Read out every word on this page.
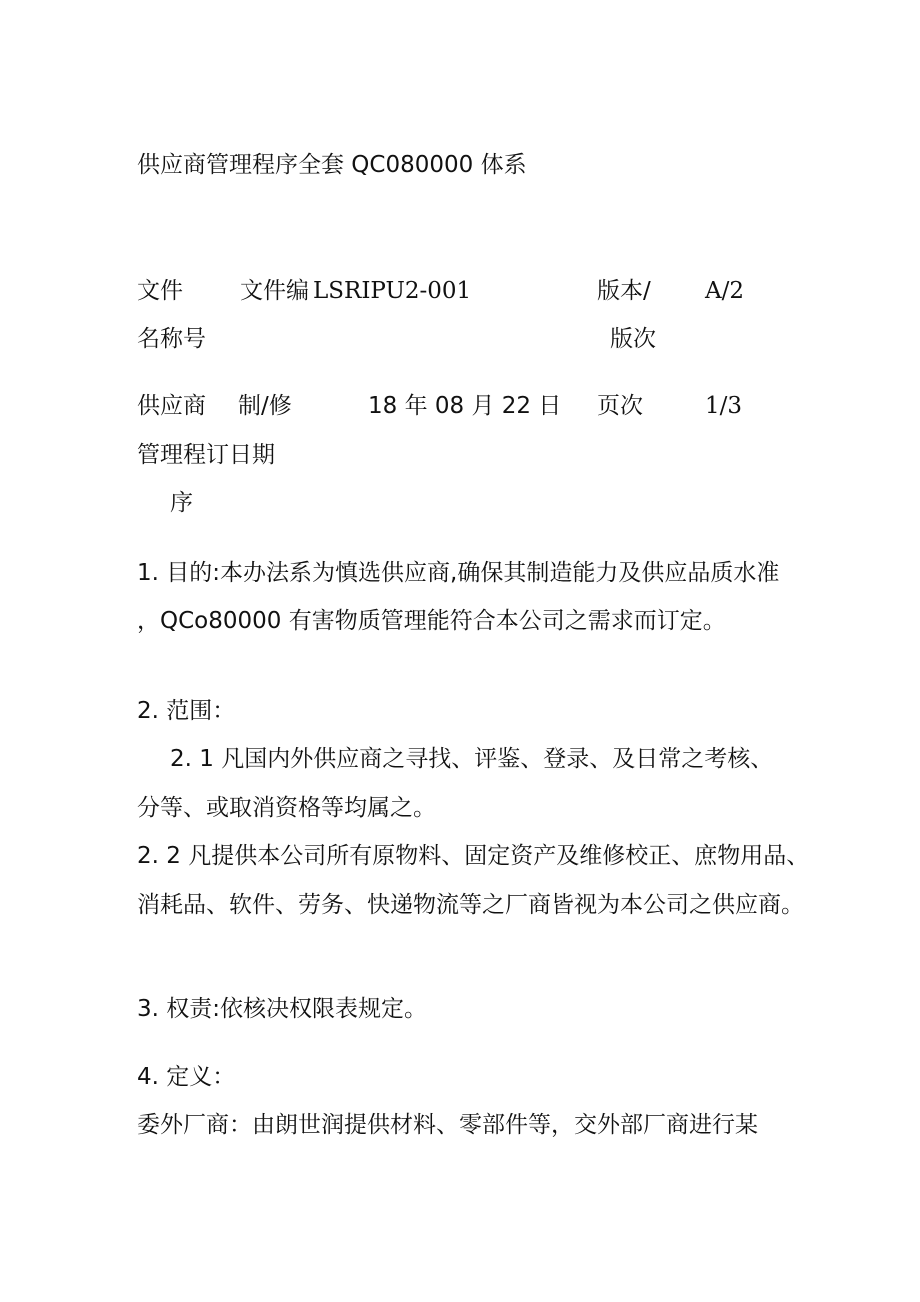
供应商管理程序全套 QC080000 体系
文件
名称号
文件编 LSRIPU2-001	版本/
版次
A/2
供应商
管理程
序
制/修
订日期
18 年 08 月 22 日 页次	1/3
1. 目的:本办法系为慎选供应商,确保其制造能力及供应品质水准
，QCo80000 有害物质管理能符合本公司之需求而订定。
2. 范围：
2. 1 凡国内外供应商之寻找、评鉴、登录、及日常之考核、
分等、或取消资格等均属之。
2. 2 凡提供本公司所有原物料、固定资产及维修校正、庶物用品、
消耗品、软件、劳务、快递物流等之厂商皆视为本公司之供应商。
3. 权责:依核决权限表规定。
4. 定义：
委外厂商：由朗世润提供材料、零部件等，交外部厂商进行某
